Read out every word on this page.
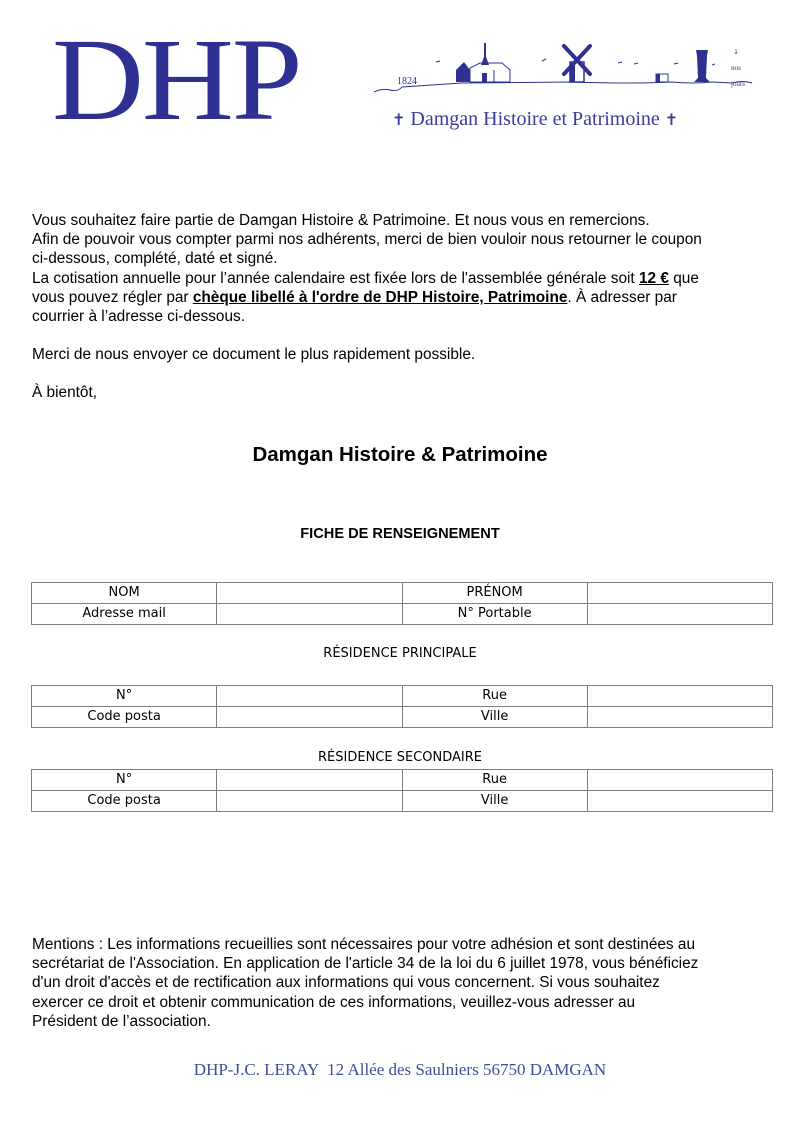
DHP	1824
à
nos
jours
✝ Damgan Histoire et Patrimoine ✝

Vous souhaitez faire partie de Damgan Histoire & Patrimoine. Et nous vous en remercions.

Afin de pouvoir vous compter parmi nos adhérents, merci de bien vouloir nous retourner le coupon

ci-dessous, complété, daté et signé.

La cotisation annuelle pour l’année calendaire est fixée lors de l'assemblée générale soit 12 € que

vous pouvez régler par chèque libellé à l'ordre de DHP Histoire, Patrimoine. À adresser par

courrier à l’adresse ci-dessous.

Merci de nous envoyer ce document le plus rapidement possible.
À bientôt,
Damgan Histoire & Patrimoine
FICHE DE RENSEIGNEMENT
NOM		PRÉNOM	
Adresse mail		N° Portable	
RÉSIDENCE PRINCIPALE
N°		Rue	
Code posta		Ville	
RÉSIDENCE SECONDAIRE
N°		Rue	
Code posta		Ville	

Mentions : Les informations recueillies sont nécessaires pour votre adhésion et sont destinées au

secrétariat de l'Association. En application de l'article 34 de la loi du 6 juillet 1978, vous bénéficiez

d'un droit d'accès et de rectification aux informations qui vous concernent. Si vous souhaitez

exercer ce droit et obtenir communication de ces informations, veuillez-vous adresser au

Président de l’association.

DHP-J.C. LERAY  12 Allée des Saulniers 56750 DAMGAN
